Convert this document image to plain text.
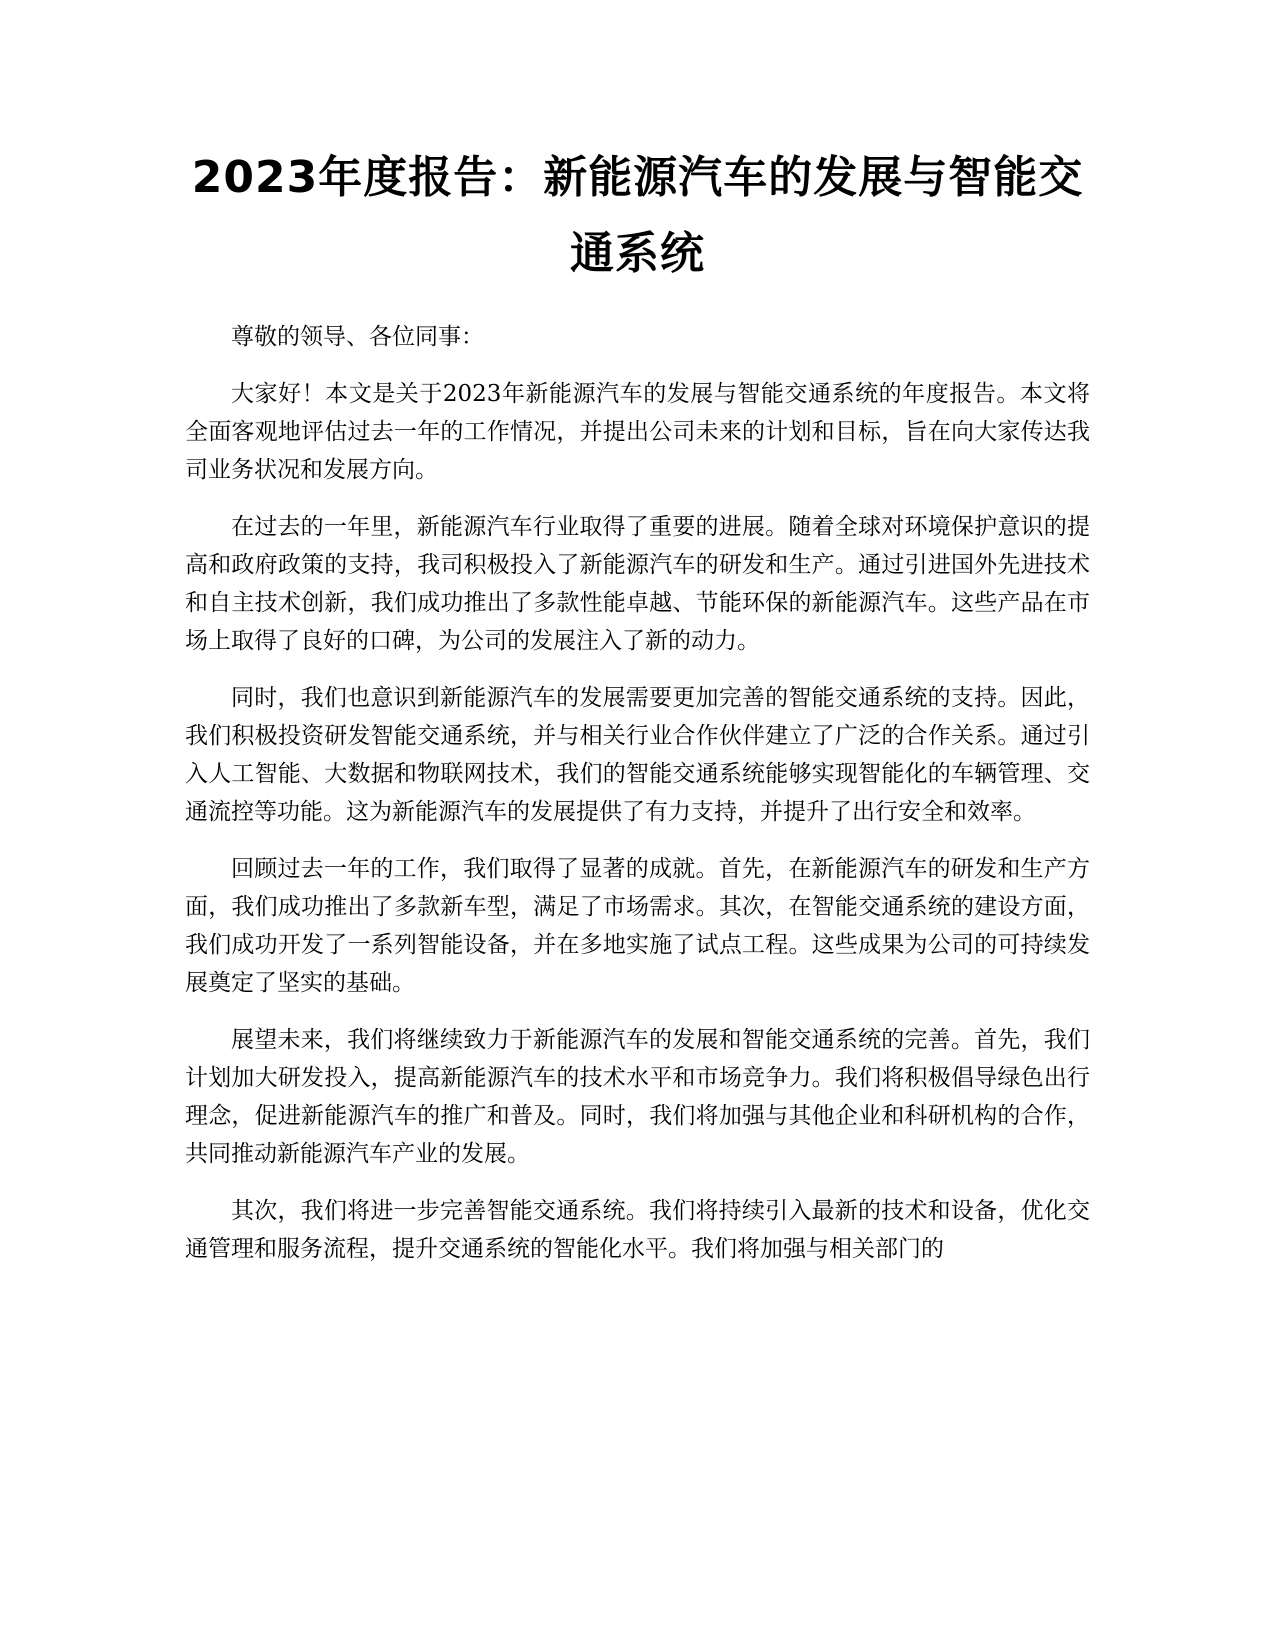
2023年度报告：新能源汽车的发展与智能交通系统

尊敬的领导、各位同事：

大家好！本文是关于2023年新能源汽车的发展与智能交通系统的年度报告。本文将全面客观地评估过去一年的工作情况，并提出公司未来的计划和目标，旨在向大家传达我司业务状况和发展方向。

在过去的一年里，新能源汽车行业取得了重要的进展。随着全球对环境保护意识的提高和政府政策的支持，我司积极投入了新能源汽车的研发和生产。通过引进国外先进技术和自主技术创新，我们成功推出了多款性能卓越、节能环保的新能源汽车。这些产品在市场上取得了良好的口碑，为公司的发展注入了新的动力。

同时，我们也意识到新能源汽车的发展需要更加完善的智能交通系统的支持。因此，我们积极投资研发智能交通系统，并与相关行业合作伙伴建立了广泛的合作关系。通过引入人工智能、大数据和物联网技术，我们的智能交通系统能够实现智能化的车辆管理、交通流控等功能。这为新能源汽车的发展提供了有力支持，并提升了出行安全和效率。

回顾过去一年的工作，我们取得了显著的成就。首先，在新能源汽车的研发和生产方面，我们成功推出了多款新车型，满足了市场需求。其次，在智能交通系统的建设方面，我们成功开发了一系列智能设备，并在多地实施了试点工程。这些成果为公司的可持续发展奠定了坚实的基础。

展望未来，我们将继续致力于新能源汽车的发展和智能交通系统的完善。首先，我们计划加大研发投入，提高新能源汽车的技术水平和市场竞争力。我们将积极倡导绿色出行理念，促进新能源汽车的推广和普及。同时，我们将加强与其他企业和科研机构的合作，共同推动新能源汽车产业的发展。

其次，我们将进一步完善智能交通系统。我们将持续引入最新的技术和设备，优化交通管理和服务流程，提升交通系统的智能化水平。我们将加强与相关部门的
